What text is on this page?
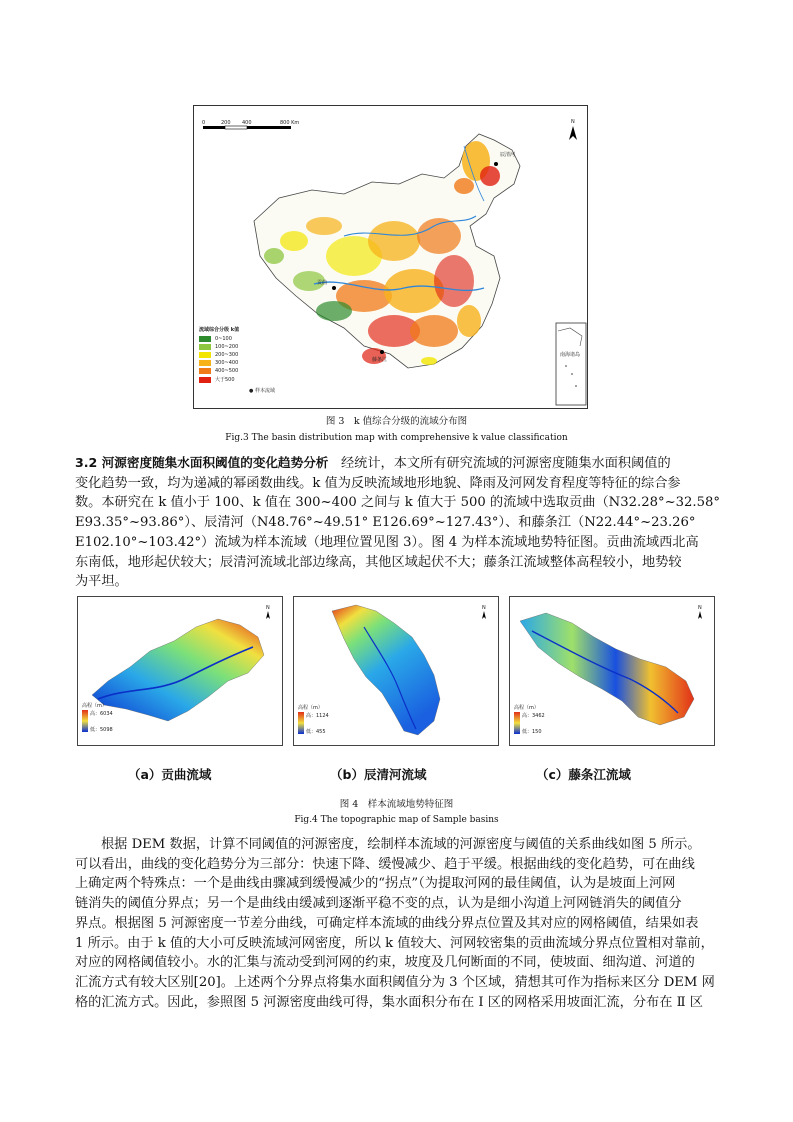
0	200 400	800 Km	N
辰清河
贡曲
藤条江
南海诸岛
流域综合分级 k值
0~100
100~200
200~300
300~400
400~500
大于500
● 样本流域
图 3　k 值综合分级的流域分布图
Fig.3 The basin distribution map with comprehensive k value classification
3.2 河源密度随集水面积阈值的变化趋势分析 经统计，本文所有研究流域的河源密度随集水面积阈值的
变化趋势一致，均为递减的幂函数曲线。k 值为反映流域地形地貌、降雨及河网发育程度等特征的综合参
数。本研究在 k 值小于 100、k 值在 300~400 之间与 k 值大于 500 的流域中选取贡曲（N32.28°~32.58°
E93.35°~93.86°）、辰清河（N48.76°~49.51° E126.69°~127.43°）、和藤条江（N22.44°~23.26°
E102.10°~103.42°）流域为样本流域（地理位置见图 3）。图 4 为样本流域地势特征图。贡曲流域西北高
东南低，地形起伏较大；辰清河流域北部边缘高，其他区域起伏不大；藤条江流域整体高程较小，地势较
为平坦。
N
高程（m）
高：6034
低：5098
N
高程（m）
高：1124
低：455
N
高程（m）
高：3462
低：150
（a）贡曲流域	（b）辰清河流域	（c）藤条江流域
图 4　样本流域地势特征图
Fig.4 The topographic map of Sample basins
根据 DEM 数据，计算不同阈值的河源密度，绘制样本流域的河源密度与阈值的关系曲线如图 5 所示。
可以看出，曲线的变化趋势分为三部分：快速下降、缓慢减少、趋于平缓。根据曲线的变化趋势，可在曲线
上确定两个特殊点：一个是曲线由骤减到缓慢减少的“拐点”（为提取河网的最佳阈值，认为是坡面上河网
链消失的阈值分界点；另一个是曲线由缓减到逐渐平稳不变的点，认为是细小沟道上河网链消失的阈值分
界点。根据图 5 河源密度一节差分曲线，可确定样本流域的曲线分界点位置及其对应的网格阈值，结果如表
1 所示。由于 k 值的大小可反映流域河网密度，所以 k 值较大、河网较密集的贡曲流域分界点位置相对靠前，
对应的网格阈值较小。水的汇集与流动受到河网的约束，坡度及几何断面的不同，使坡面、细沟道、河道的
汇流方式有较大区别[20]。上述两个分界点将集水面积阈值分为 3 个区域，猜想其可作为指标来区分 DEM 网
格的汇流方式。因此，参照图 5 河源密度曲线可得，集水面积分布在 Ⅰ 区的网格采用坡面汇流，分布在 Ⅱ 区
